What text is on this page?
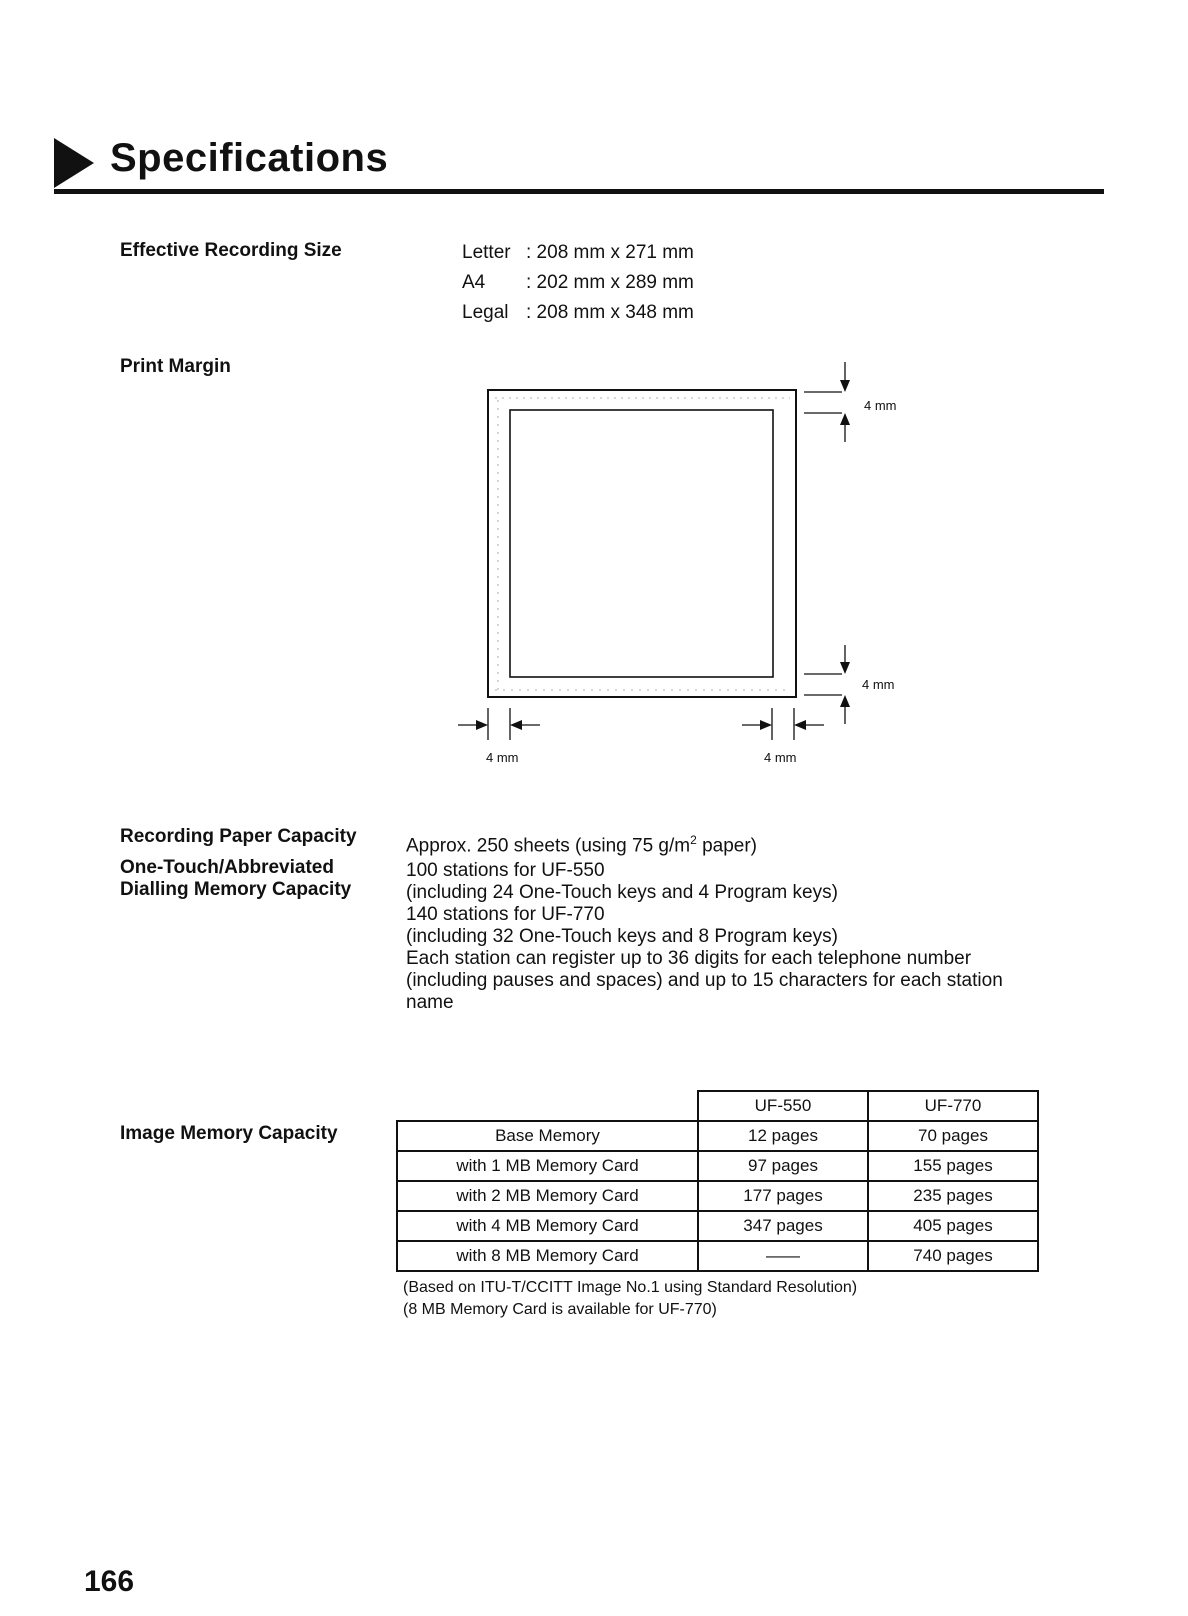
Specifications
Effective Recording Size	Letter : 208 mm x 271 mm
A4 : 202 mm x 289 mm
Legal : 208 mm x 348 mm
Print Margin
4 mm
4 mm
4 mm	4 mm
Recording Paper Capacity	Approx. 250 sheets (using 75 $g/m^2$ paper)
One-Touch/Abbreviated
Dialling Memory Capacity
100 stations for UF-550
(including 24 One-Touch keys and 4 Program keys)
140 stations for UF-770
(including 32 One-Touch keys and 8 Program keys)
Each station can register up to 36 digits for each telephone number
(including pauses and spaces) and up to 15 characters for each station
name
Image Memory Capacity
	UF-550	UF-770
Base Memory	12 pages	70 pages
with 1 MB Memory Card	97 pages	155 pages
with 2 MB Memory Card	177 pages	235 pages
with 4 MB Memory Card	347 pages	405 pages
with 8 MB Memory Card	——	740 pages
(Based on ITU-T/CCITT Image No.1 using Standard Resolution)
(8 MB Memory Card is available for UF-770)
166
